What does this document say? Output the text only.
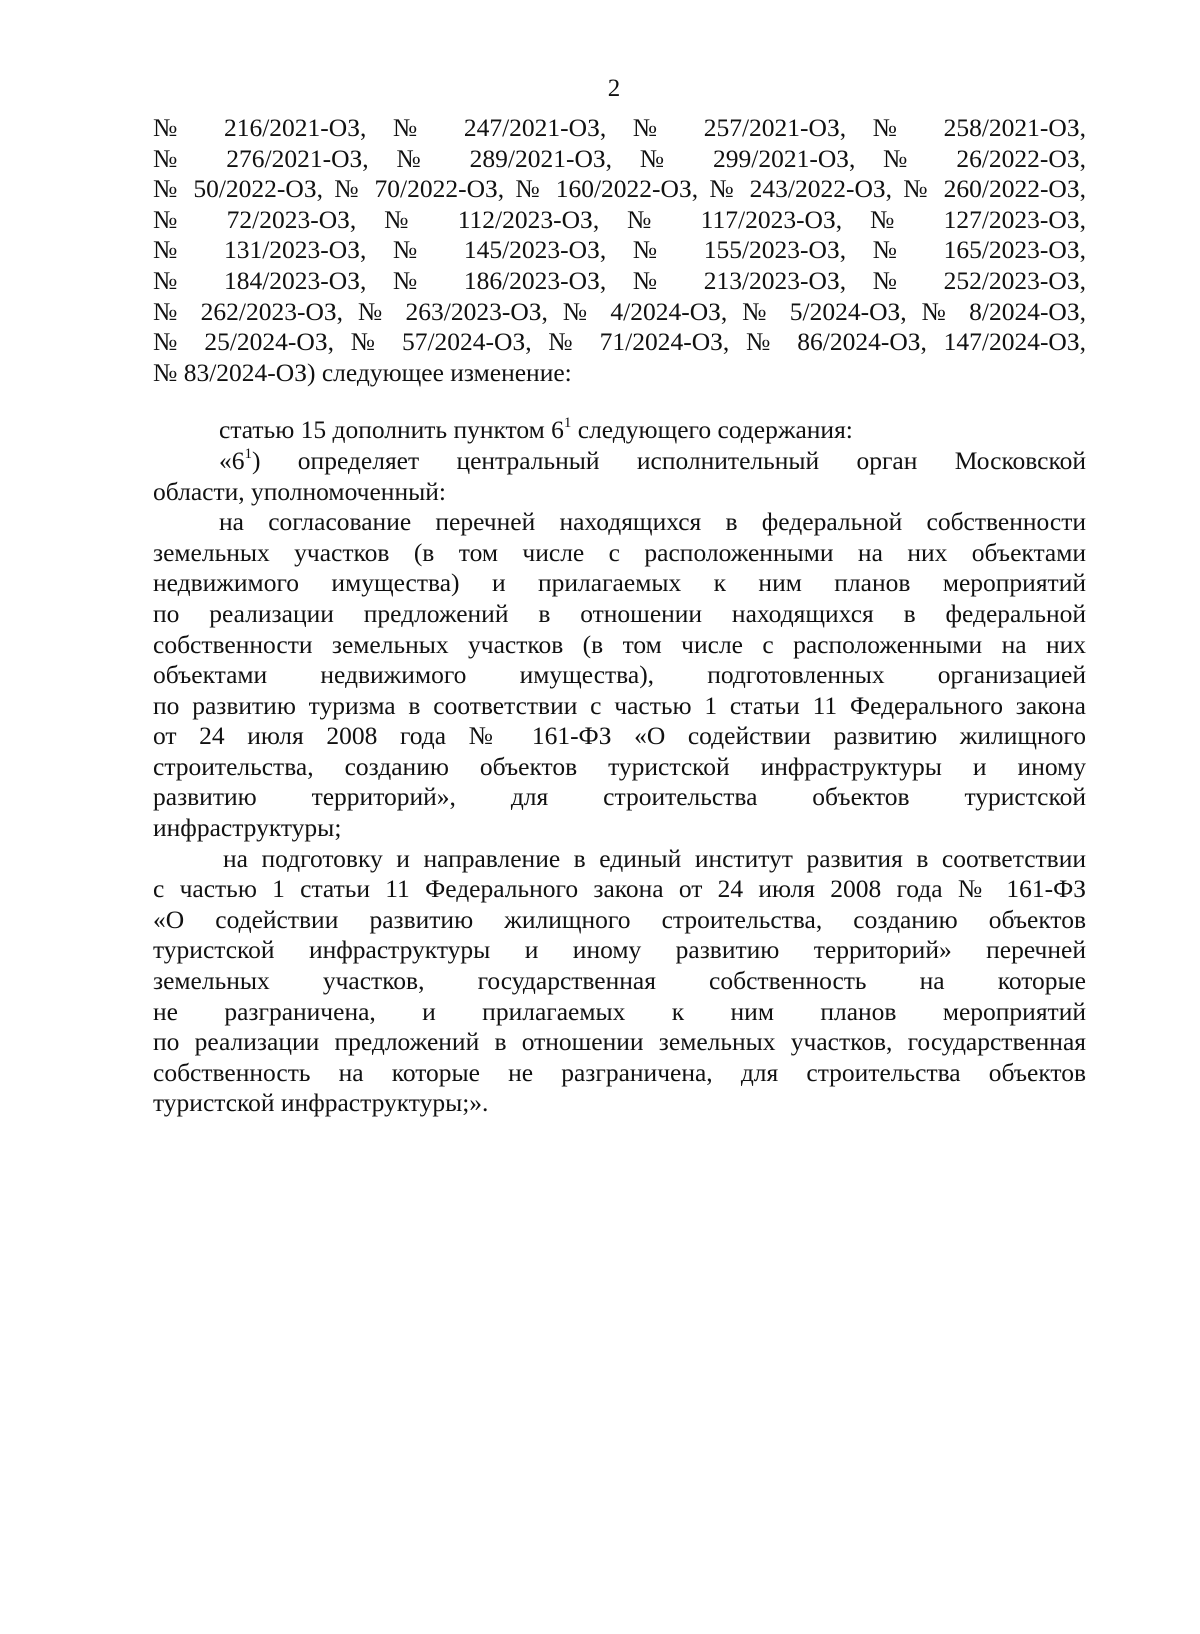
2
№ 216/2021-ОЗ, № 247/2021-ОЗ, № 257/2021-ОЗ, № 258/2021-ОЗ,
№ 276/2021-ОЗ, № 289/2021-ОЗ, № 299/2021-ОЗ, № 26/2022-ОЗ,
№ 50/2022-ОЗ, № 70/2022-ОЗ, № 160/2022-ОЗ, № 243/2022-ОЗ, № 260/2022-ОЗ,
№ 72/2023-ОЗ, № 112/2023-ОЗ, № 117/2023-ОЗ, № 127/2023-ОЗ,
№ 131/2023-ОЗ, № 145/2023-ОЗ, № 155/2023-ОЗ, № 165/2023-ОЗ,
№ 184/2023-ОЗ, № 186/2023-ОЗ, № 213/2023-ОЗ, № 252/2023-ОЗ,
№ 262/2023-ОЗ, № 263/2023-ОЗ, № 4/2024-ОЗ, № 5/2024-ОЗ, № 8/2024-ОЗ,
№ 25/2024-ОЗ, № 57/2024-ОЗ, № 71/2024-ОЗ, № 86/2024-ОЗ, 147/2024-ОЗ,
№ 83/2024-ОЗ) следующее изменение:
статью 15 дополнить пунктом $6^1$ следующего содержания:
«$6^1$) определяет центральный исполнительный орган Московской
области, уполномоченный:
на согласование перечней находящихся в федеральной собственности
земельных участков (в том числе с расположенными на них объектами
недвижимого имущества) и прилагаемых к ним планов мероприятий
по реализации предложений в отношении находящихся в федеральной
собственности земельных участков (в том числе с расположенными на них
объектами недвижимого имущества), подготовленных организацией
по развитию туризма в соответствии с частью 1 статьи 11 Федерального закона
от 24 июля 2008 года № 161-ФЗ «О содействии развитию жилищного
строительства, созданию объектов туристской инфраструктуры и иному
развитию территорий», для строительства объектов туристской
инфраструктуры;
на подготовку и направление в единый институт развития в соответствии
с частью 1 статьи 11 Федерального закона от 24 июля 2008 года № 161-ФЗ
«О содействии развитию жилищного строительства, созданию объектов
туристской инфраструктуры и иному развитию территорий» перечней
земельных участков, государственная собственность на которые
не разграничена, и прилагаемых к ним планов мероприятий
по реализации предложений в отношении земельных участков, государственная
собственность на которые не разграничена, для строительства объектов
туристской инфраструктуры;».
